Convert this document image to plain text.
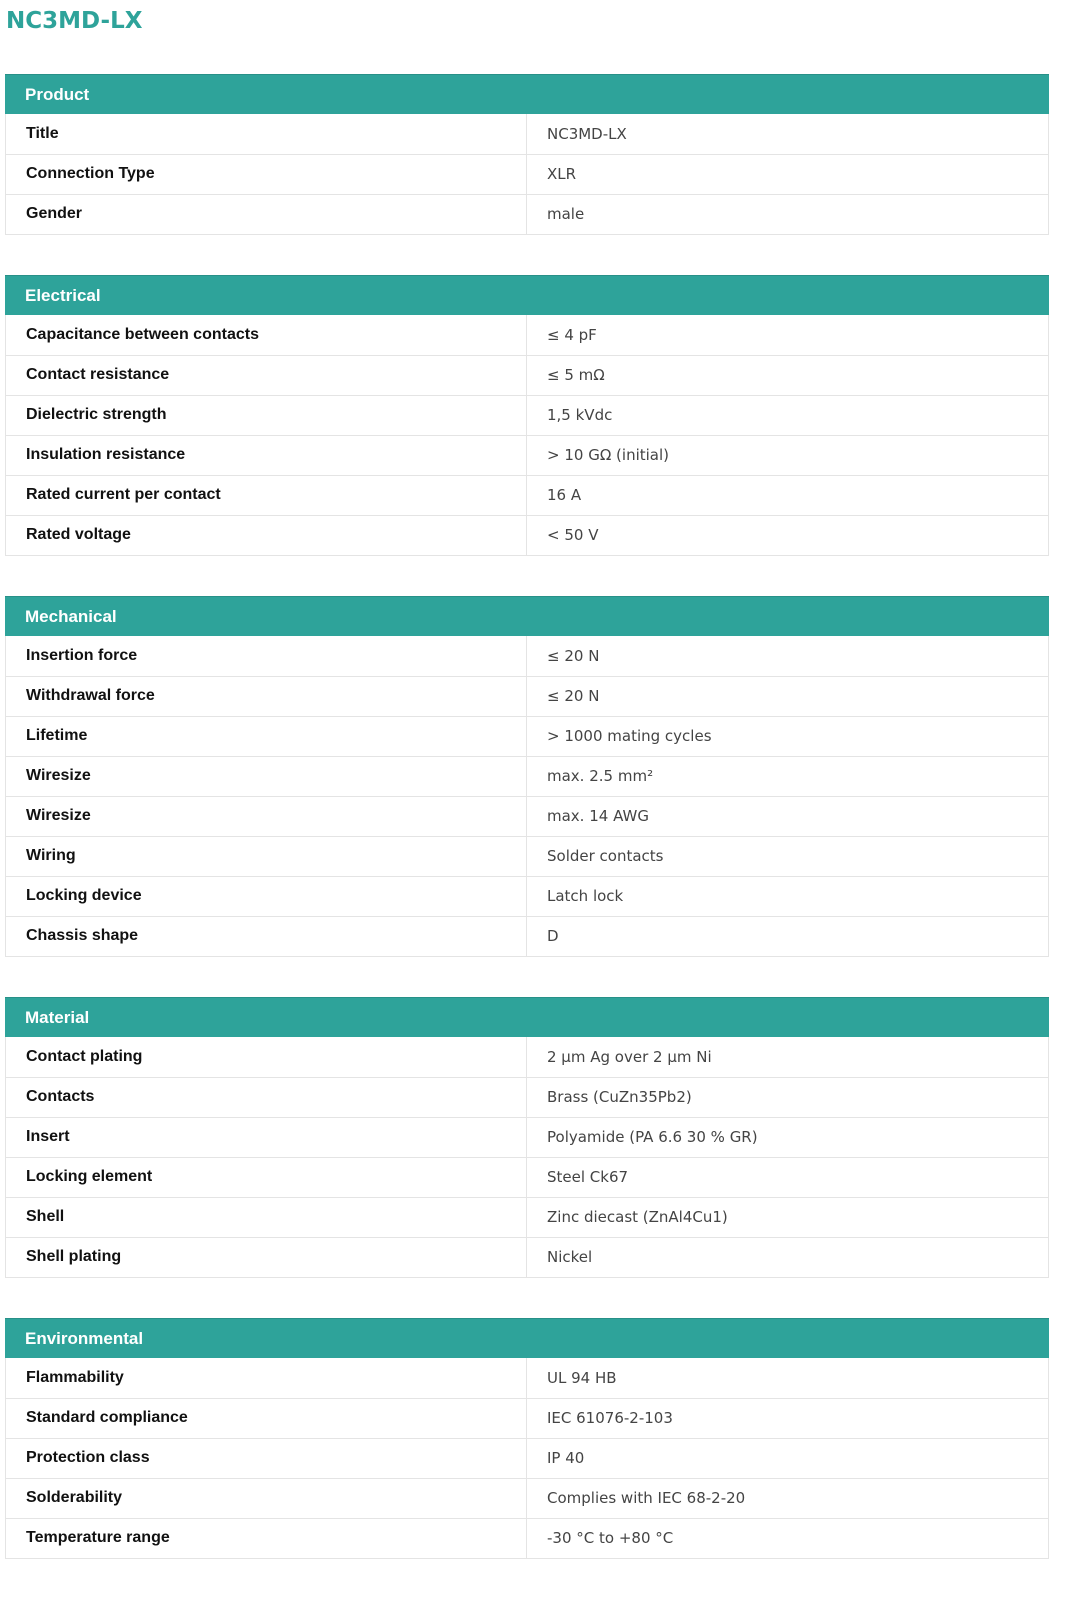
NC3MD-LX
Product
Title	NC3MD-LX
Connection Type	XLR
Gender	male
Electrical
Capacitance between contacts	≤ 4 pF
Contact resistance	≤ 5 mΩ
Dielectric strength	1,5 kVdc
Insulation resistance	> 10 GΩ (initial)
Rated current per contact	16 A
Rated voltage	< 50 V
Mechanical
Insertion force	≤ 20 N
Withdrawal force	≤ 20 N
Lifetime	> 1000 mating cycles
Wiresize	max. 2.5 mm²
Wiresize	max. 14 AWG
Wiring	Solder contacts
Locking device	Latch lock
Chassis shape	D
Material
Contact plating	2 µm Ag over 2 µm Ni
Contacts	Brass (CuZn35Pb2)
Insert	Polyamide (PA 6.6 30 % GR)
Locking element	Steel Ck67
Shell	Zinc diecast (ZnAl4Cu1)
Shell plating	Nickel
Environmental
Flammability	UL 94 HB
Standard compliance	IEC 61076-2-103
Protection class	IP 40
Solderability	Complies with IEC 68-2-20
Temperature range	-30 °C to +80 °C
